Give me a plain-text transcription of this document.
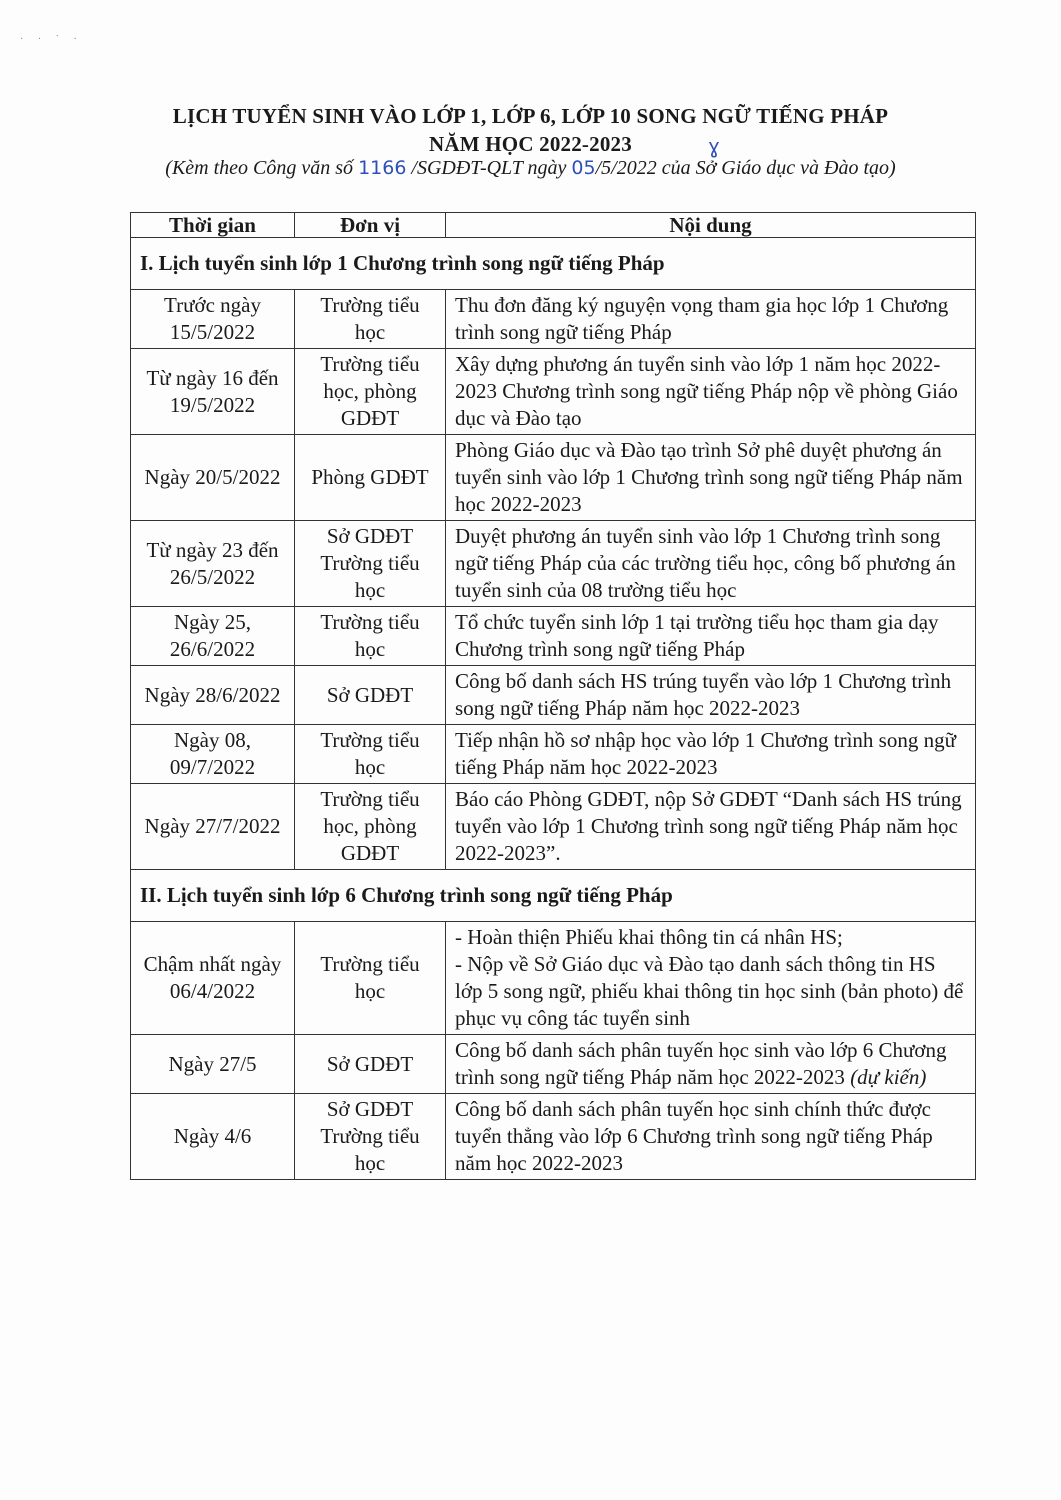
· · ˙ ·
LỊCH TUYỂN SINH VÀO LỚP 1, LỚP 6, LỚP 10 SONG NGỮ TIẾNG PHÁP
NĂM HỌC 2022-2023	ɣ
(Kèm theo Công văn số 1166 /SGDĐT-QLT ngày 05/5/2022 của Sở Giáo dục và Đào tạo)
Thời gian	Đơn vị	Nội dung
I. Lịch tuyển sinh lớp 1 Chương trình song ngữ tiếng Pháp		
Trước ngày 15/5/2022	Trường tiểu học	Thu đơn đăng ký nguyện vọng tham gia học lớp 1 Chương trình song ngữ tiếng Pháp
Từ ngày 16 đến 19/5/2022	Trường tiểu học, phòng GDĐT	Xây dựng phương án tuyển sinh vào lớp 1 năm học 2022-2023 Chương trình song ngữ tiếng Pháp nộp về phòng Giáo dục và Đào tạo
Ngày 20/5/2022	Phòng GDĐT	Phòng Giáo dục và Đào tạo trình Sở phê duyệt phương án tuyển sinh vào lớp 1 Chương trình song ngữ tiếng Pháp năm học 2022-2023
Từ ngày 23 đến 26/5/2022	Sở GDĐT Trường tiểu học	Duyệt phương án tuyển sinh vào lớp 1 Chương trình song ngữ tiếng Pháp của các trường tiểu học, công bố phương án tuyển sinh của 08 trường tiểu học
Ngày 25, 26/6/2022	Trường tiểu học	Tổ chức tuyển sinh lớp 1 tại trường tiểu học tham gia dạy Chương trình song ngữ tiếng Pháp
Ngày 28/6/2022	Sở GDĐT	Công bố danh sách HS trúng tuyển vào lớp 1 Chương trình song ngữ tiếng Pháp năm học 2022-2023
Ngày 08, 09/7/2022	Trường tiểu học	Tiếp nhận hồ sơ nhập học vào lớp 1 Chương trình song ngữ tiếng Pháp năm học 2022-2023
Ngày 27/7/2022	Trường tiểu học, phòng GDĐT	Báo cáo Phòng GDĐT, nộp Sở GDĐT “Danh sách HS trúng tuyển vào lớp 1 Chương trình song ngữ tiếng Pháp năm học 2022-2023”.
II. Lịch tuyển sinh lớp 6 Chương trình song ngữ tiếng Pháp		
Chậm nhất ngày 06/4/2022	Trường tiểu học	- Hoàn thiện Phiếu khai thông tin cá nhân HS;
- Nộp về Sở Giáo dục và Đào tạo danh sách thông tin HS lớp 5 song ngữ, phiếu khai thông tin học sinh (bản photo) để phục vụ công tác tuyển sinh

Ngày 27/5	Sở GDĐT	Công bố danh sách phân tuyến học sinh vào lớp 6 Chương trình song ngữ tiếng Pháp năm học 2022-2023 (dự kiến)
Ngày 4/6	Sở GDĐT Trường tiểu học	Công bố danh sách phân tuyến học sinh chính thức được tuyển thẳng vào lớp 6 Chương trình song ngữ tiếng Pháp năm học 2022-2023
